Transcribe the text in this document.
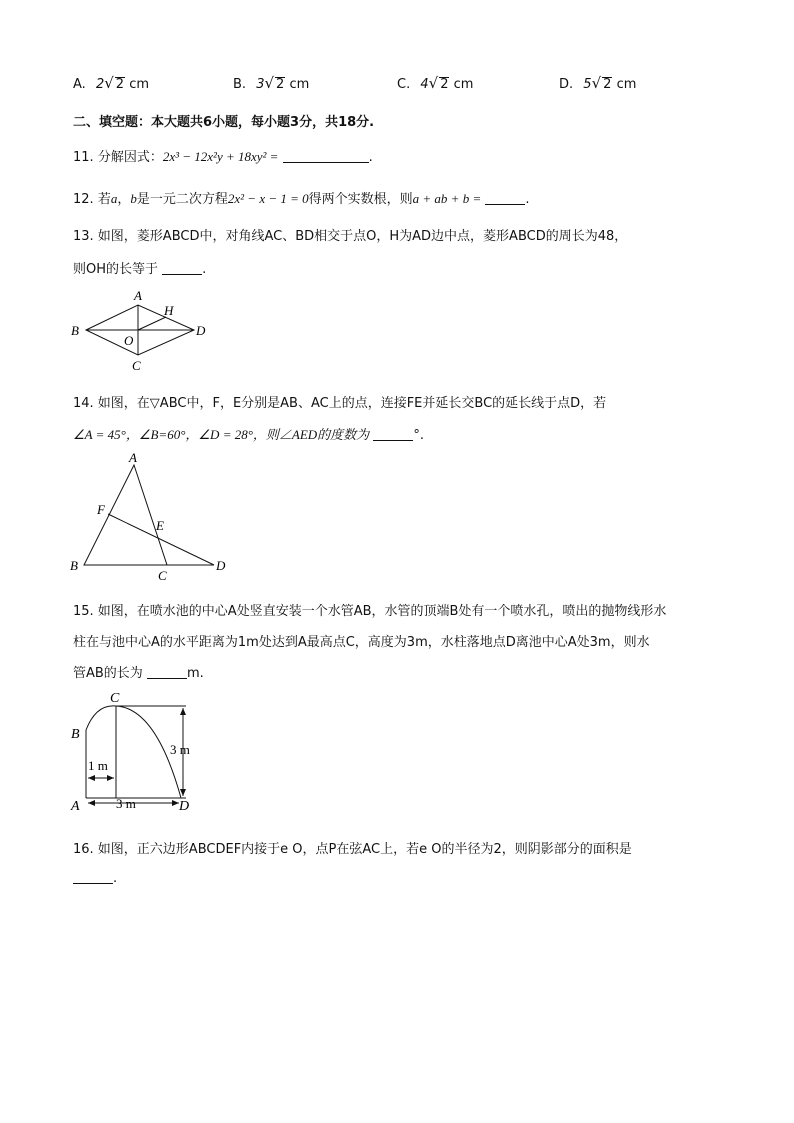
A. 2√ 2 cm	B. 3√ 2 cm	C. 4√ 2 cm	D. 5√ 2 cm
二、填空题：本大题共6小题，每小题3分，共18分.
11. 分解因式：2x³ − 12x²y + 18xy² =	.
12. 若a，b是一元二次方程2x² − x − 1 = 0得两个实数根，则a + ab + b =	.
13. 如图，菱形ABCD中，对角线AC、BD相交于点O，H为AD边中点，菱形ABCD的周长为48，
则OH的长等于	.
A
B	D
C
O
H
14. 如图，在▽ABC中，F，E分别是AB、AC上的点，连接FE并延长交BC的延长线于点D，若
∠A = 45°，∠B=60°，∠D = 28°，则∠AED的度数为	°.
A
B
C
D
E
F
15. 如图，在喷水池的中心A处竖直安装一个水管AB，水管的顶端B处有一个喷水孔，喷出的抛物线形水
柱在与池中心A的水平距离为1m处达到A最高点C，高度为3m，水柱落地点D离池中心A处3m，则水
管AB的长为	m.
C
B
A	D
3 m
1 m
3 m
16. 如图，正六边形ABCDEF内接于e O，点P在弦AC上，若e O的半径为2，则阴影部分的面积是
.
